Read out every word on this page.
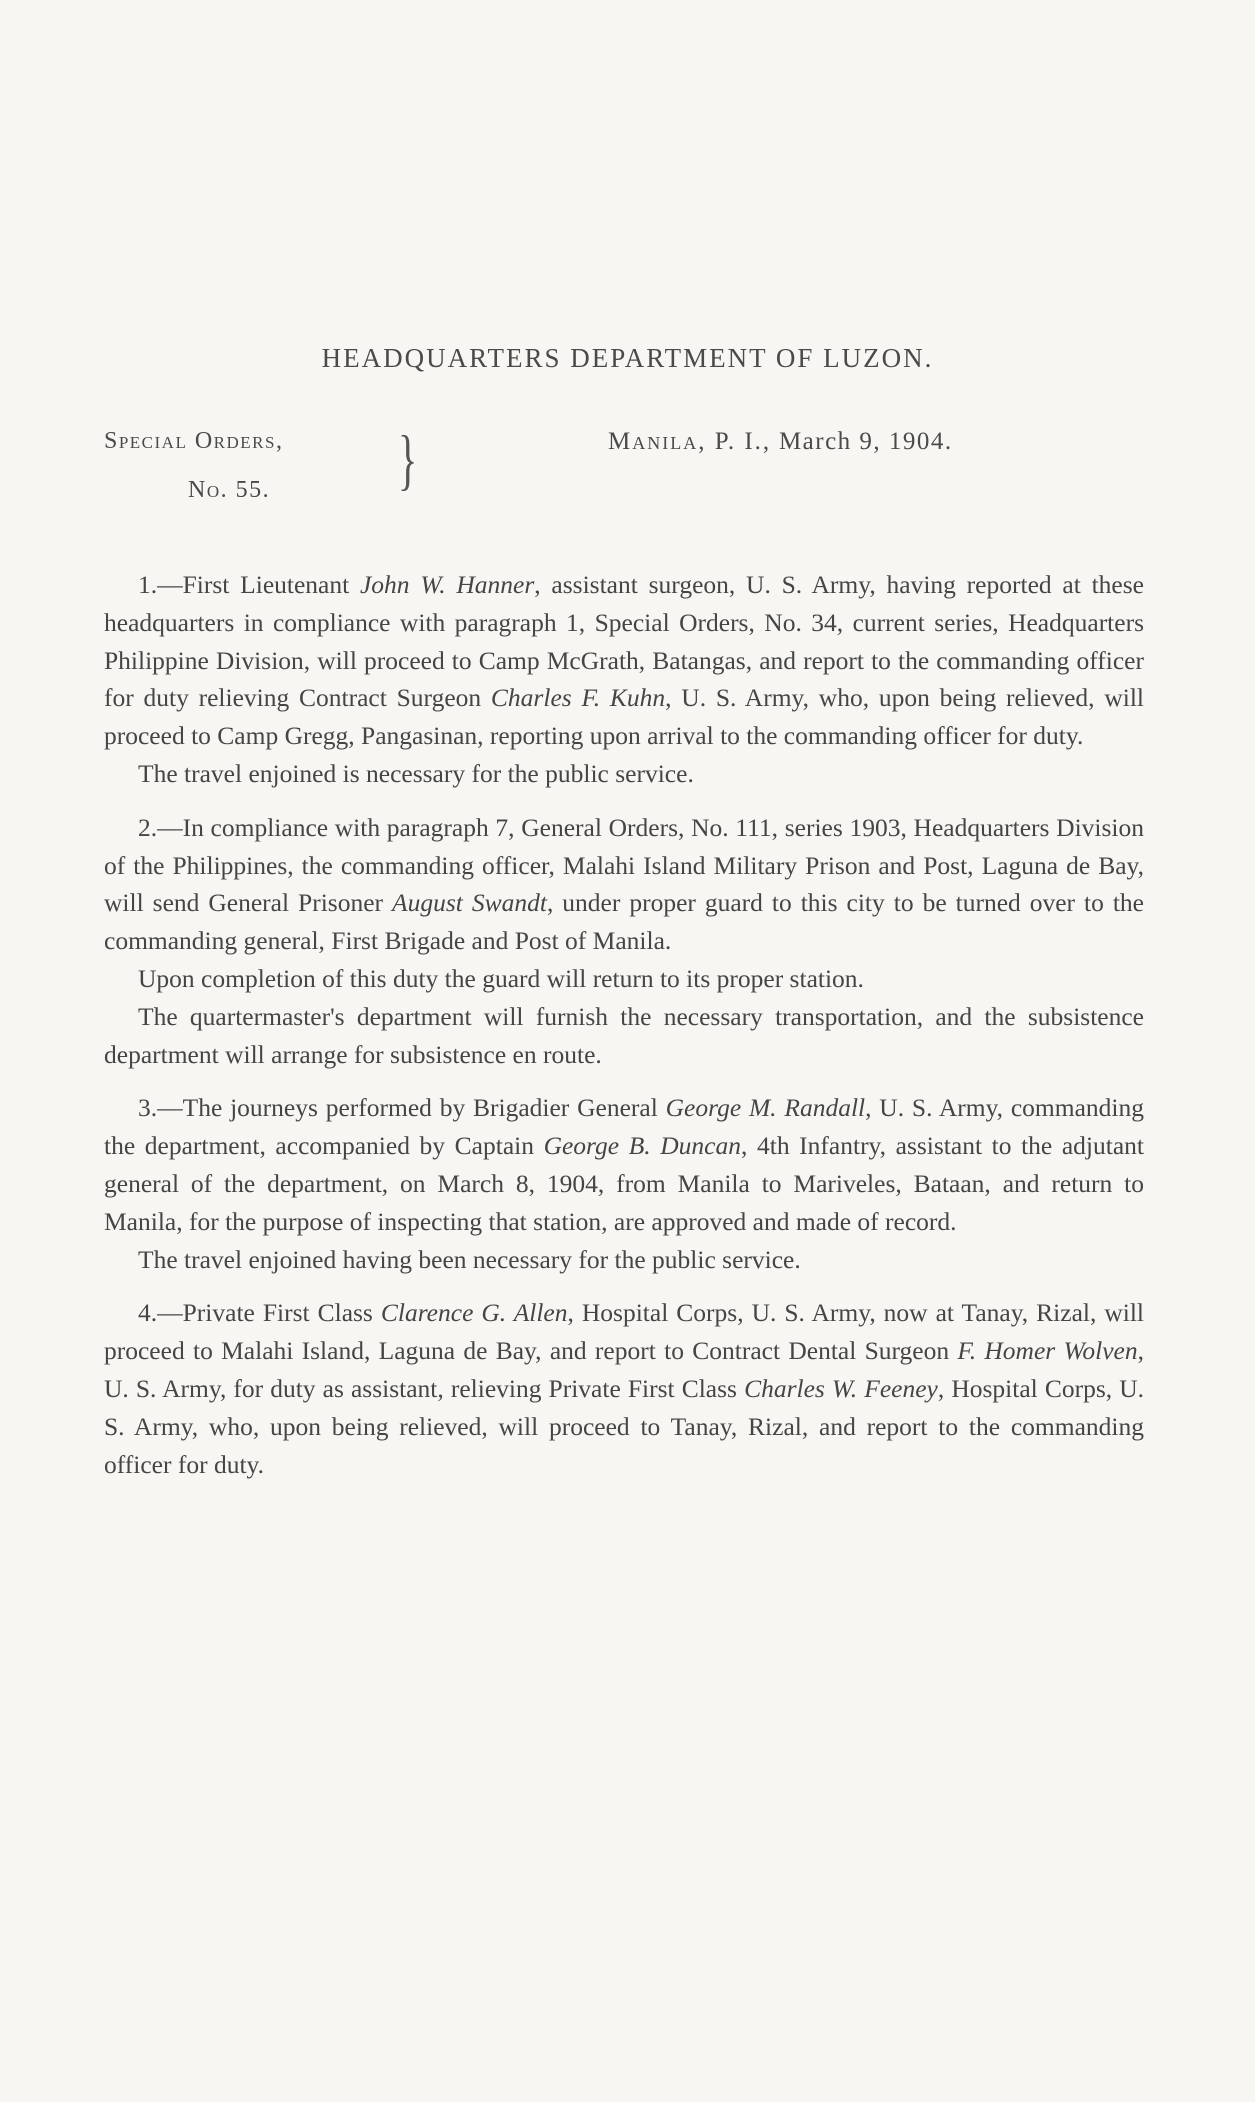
HEADQUARTERS DEPARTMENT OF LUZON.
Special Orders,
No. 55.	}	Manila, P. I., March 9, 1904.

1.—First Lieutenant John W. Hanner, assistant surgeon, U. S. Army, having reported at these headquarters in compliance with paragraph 1, Special Orders, No. 34, current series, Headquarters Philippine Division, will proceed to Camp McGrath, Batangas, and report to the commanding officer for duty relieving Contract Surgeon Charles F. Kuhn, U. S. Army, who, upon being relieved, will proceed to Camp Gregg, Pangasinan, reporting upon arrival to the commanding officer for duty.

The travel enjoined is necessary for the public service.

2.—In compliance with paragraph 7, General Orders, No. 111, series 1903, Headquarters Division of the Philippines, the commanding officer, Malahi Island Military Prison and Post, Laguna de Bay, will send General Prisoner August Swandt, under proper guard to this city to be turned over to the commanding general, First Brigade and Post of Manila.

Upon completion of this duty the guard will return to its proper station.

The quartermaster's department will furnish the necessary transportation, and the subsistence department will arrange for subsistence en route.

3.—The journeys performed by Brigadier General George M. Randall, U. S. Army, commanding the department, accompanied by Captain George B. Duncan, 4th Infantry, assistant to the adjutant general of the department, on March 8, 1904, from Manila to Mariveles, Bataan, and return to Manila, for the purpose of inspecting that station, are approved and made of record.

The travel enjoined having been necessary for the public service.

4.—Private First Class Clarence G. Allen, Hospital Corps, U. S. Army, now at Tanay, Rizal, will proceed to Malahi Island, Laguna de Bay, and report to Contract Dental Surgeon F. Homer Wolven, U. S. Army, for duty as assistant, relieving Private First Class Charles W. Feeney, Hospital Corps, U. S. Army, who, upon being relieved, will proceed to Tanay, Rizal, and report to the commanding officer for duty.
